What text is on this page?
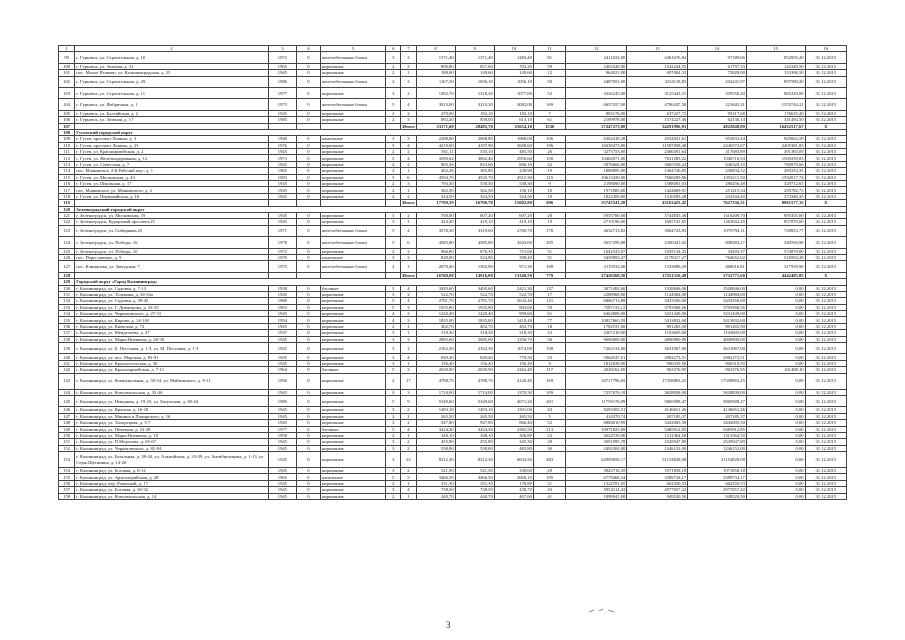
1	2	3	4	5	6	7	8	9	10	11	12	13	14	15	16
99	г. Гурьевск, ул. Строительная, д. 10	1972	0	железобетонные блоки	3	3	1371,40	1371,40	1283,40	81	2411022,00	2461676,84	97189,66	852955,20	31.12.2015
100	г. Гурьевск, ул. Зеленая, д. 31	1965	0	кирпичные	2	3	890,80	857,60	703,20	59	2403340,00	1542244,55	61797,33	142340,50	31.12.2015
101	пос. Малое Исаково, ул. Калининградская, д. 25	1945	0	кирпичные	2	1	188,00	149,60	149,60	12	964021,00	697004,33	75820,00	153306,50	31.12.2015
102	г. Гурьевск, ул. Строительная, д. 29	1986	0	железобетонные блоки	2	3	1167,50	1056,10	1056,10	50	4487951,00	3234118,83	232241,97	897590,20	31.12.2015
103	г. Гурьевск, ул. Строительная, д. 11	1977	0	кирпичные	3	2	1492,70	1318,20	1077,00	52	4326245,00	3125443,31	339550,20	865249,00	31.12.2015
104	г. Гурьевск, ул. Фабричная, д. 1	1973	0	железобетонные блоки	5	4	3913,00	3219,30	3082,00	169	6657357,00	4786247,58	221645,31	1555744,21	31.12.2015
105	г. Гурьевск, ул. Балтийская, д. 2	1945	0	кирпичные	2	2	270,00	182,10	182,10	7	883176,00	637227,72	95317,68	176635,20	31.12.2015
106	г. Гурьевск, ул. Зеленая, д. 17	1985	0	кирпичные	2	3	892,20	858,00	613,10	61	2189978,00	1574227,36	62136,14	341494,50	31.12.2015
107						Итого	33171,60	28485,70	25654,10	1530	57247273,00	54291996,03	4822848,00	16432517,67	X
108	Гусевский городской округ														
109	г. Гусев, проспект Ленина, д. 3	1940	0	панельные	3	3	2288,00	2068,80	1968,00	106	6304418,28	4554941,61	852833,44	945662,59	31.12.2015
110	г. Гусев, проспект Ленина, д. 23	1976	0	кирпичные	5	4	4219,00	4197,90	3608,60	196	16038473,00	11587058,48	2446573,67	2405381,83	31.12.2015
111	г. Гусев, ул. Красноармейская, д. 2	1945	0	кирпичные	2	2	561,11	535,10	485,50	26	3275753,00	2366591,64	417683,89	491383,09	31.12.2015
112	г. Гусев, ул. Железнодорожная, д. 12	1973	0	кирпичные	5	4	3390,64	3062,40	2950,60	150	10462071,00	7631285,22	1546716,94	1569259,83	31.12.2015
113	г. Гусев, ул. Советская, д. 7	1945	0	кирпичные	2	2	905,56	823,60	806,10	42	5076666,00	3665536,24	646320,10	760979,66	31.12.2015
114	пос. Маяковское, 2-й Рабочий пер., д. 1	1965	0	кирпичные	2	1	402,28	385,80	239,90	19	1888895,00	1364726,85	240834,32	283333,35	31.12.2015
115	г. Гусев, ул. Московская, д. 43	1983	0	кирпичные	5	6	4594,70	4535,70	4515,30	115	10613439,00	7668209,86	1353211,50	1592017,74	31.12.2015
116	г. Гусев, ул. Школьная, д. 17	1945	0	кирпичные	2	3	793,30	530,30	530,30	9	2198090,00	1588081,03	280256,48	329712,65	31.12.2015
117	пос. Маяковское, ул. Маяковского, д. 2	1945	0	кирпичные	2	1	362,50	362,50	150,10	10	1971885,00	1424669,91	251415,34	295782,75	31.12.2015
118	г. Гусев, ул. Первомайская, д. 16	1945	0	кирпичные	2	2	324,50	324,50	324,50	19	1822309,00	1316583,28	232344,40	273346,35	31.12.2015
119						Итого	17769,59	16700,70	15602,80	696	55743541,28	43163425,42	7627336,31	8961577,35	X
120	Зеленоградский городской округ														
121	г. Зеленоградск, ул. Московская, 19	1945	0	кирпичные	3	2	700,00	607,20	607,20	20	5955700,00	3744835,30	1316209,70	895355,00	31.12.2015
122	г. Зеленоградск, Курортный проспект,25	1945	0	кирпичные	3	1	424,40	419,10	419,10	19	2719196,00	1695741,65	1263042,45	857879,00	31.12.2015
123	г. Зеленоградск, ул. Сибиряков,25	1971	0	железобетонные блоки	5	4	3570,30	3319,60	2780,70	170	4632713,82	3064723,83	1079794,11	720853,77	31.12.2015
124	г. Зеленоградск, ул. Победы, 16	1978	0	железобетонные блоки	5	6	4585,80	4585,80	4543,00	205	5637299,88	2300441,02	808283,27	340594,98	31.12.2015
125	г. Зеленоградск, ул. Победы, 10	1972	0	кирпичные	2	2	966,80	876,30	751,60	51	1642543,07	1035134,43	34493,37	574879,00	31.12.2015
126	пос. Переславское, д. 9	1970	0	панельные	3	3	828,00	524,80	398,40	51	3439983,27	2178317,27	764652,02	518594,28	31.12.2015
127	пос. Клинцовка, ул. Заводская, 7	1975	0	железобетонные блоки	2	3	2079,40	1382,90	971,30	108	2119533,00	1333086,29	468016,81	317959,96	31.12.2015
128						Итого	16760,00	14916,00	13340,50	779	27426568,50	17251316,49	5732771,60	4442485,85	X
129	Городской округ «Город Калининград»														
130	г. Калининград, ул. Садовая, д. 7-13	1938	0	блочные	5	4	3495,60	3495,60	2421,30	137	3071402,00	1528846,00	1528846,00	0,00	31.12.2015
131	г. Калининград, ул. Тельмана, д. 34-34а	1945	0	кирпичные	3	2	522,70	522,70	522,70	17	2288968,00	1144984,00	1144984,00	0,00	31.12.2015
132	г. Калининград, ул. Садовая, д. 39-45	1980	0	кирпичные	5	4	2781,70	2781,70	2632,40	141	6866713,88	3433356,00	3433356,00	0,00	31.12.2015
133	г. Калининград, ул. Г. Димитрова, д. 33-35	1963	0	кирпичные	5	3	1935,80	1935,80	894,60	59	7587133,12	3793568,56	3793568,56	0,00	31.12.2015
134	г. Калининград, ул. Черняховского, д. 27-31	1945	0	кирпичные	4	3	1220,40	1220,40	999,60	61	6462808,00	3231449,00	3231449,00	0,00	31.12.2015
135	г. Калининград, ул. Кирова, д. 14-14б	1954	0	кирпичные	4	3	1835,00	1835,00	1418,40	77	10827665,59	5413832,60	5413832,60	0,00	31.12.2015
136	г. Калининград, ул. Киевская, д. 72	1945	0	кирпичные	2	1	402,70	402,70	402,70	18	1782531,00	891265,50	891265,50	0,00	31.12.2015
137	г. Калининград, ул. Менделеева, д. 47	1937	0	кирпичные	3	1	318,30	318,30	318,30	23	2207210,00	1103605,00	1103605,00	0,00	31.12.2015
138	г. Калининград, ул. Марш.Новикова, д. 26-30	1945	0	кирпичные	3	3	2085,60	2085,60	1356,70	56	9600000,00	4800000,00	4800000,00	0,00	31.12.2015
139	г. Калининград, ул. Б. Песочная, д. 1-3, ул. М. Песочная, д. 1-3	1945	0	кирпичные	3	2	2162,30	2162,30	1074,00	108	7262134,00	3631067,00	3631067,00	0,00	31.12.2015
140	г. Калининград, ул. пос. Морская, д. 83-91	1945	0	кирпичные	3	4	849,40	849,40	770,50	53	5964547,01	2982273,51	2982273,51	0,00	31.12.2015
141	г. Калининград, ул. Красносельская, д. 30	1945	0	кирпичные	3	1	156,40	156,40	156,40	9	1812639,00	906319,50	906319,50	0,00	31.12.2015
142	г. Калининград, ул. Красноармейская, д. 7-11	1964	0	блочные	5	3	2639,90	2639,90	2262,40	117	2028162,00	963376,95	963376,95	101408,10	31.12.2015
143	г. Калининград, ул. Коммунальная, д. 50-54, ул. Майковского, д. 9-11	1956	0	кирпичные	2	17	4788,70	4788,70	4126,40	169	34717796,65	17358863,25	17358863,25	0,00	31.12.2015
144	г. Калининград, ул. Комсомольская, д. 32-36	1945	0	кирпичные	4	3	1714,00	1714,00	1370,50	109	7257676,18	3628838,00	3628838,00	0,00	31.12.2015
145	г. Калининград, ул. Невидная, д. 19-23, ул. Батумская, д. 38-44	1980	0	кирпичные	5	9	5349,60	5349,60	4671,20	201	11759176,99	5869588,47	5869588,47	0,00	31.12.2015
146	г. Калининград, ул. Краснаа, д. 16-18	1945	0	кирпичные	3	2	1493,10	1493,10	1301,00	43	8293302,51	4146651,26	4146651,26	0,00	31.12.2015
147	г. Калининград, ул. Минина и Пожарского, д. 16	1945	0	кирпичные	2	1	265,50	265,50	265,50	5	414370,74	207185,37	207185,37	0,00	31.12.2015
148	г. Калининград, ул. Тихорецкая, д. 5-7	1945	0	кирпичные	3	2	947,80	947,80	866,40	52	6884010,99	3442005,50	3442005,50	0,00	31.12.2015
149	г. Калининград, ул. Печатная, д. 23-28	1977	0	блочные	5	4	3424,30	3424,30	2382,50	213	10971825,69	5485912,85	5485912,85	0,00	31.12.2015
150	г. Калининград, ул. Марш.Новикова, д. 10	1958	0	кирпичные	2	1	348,10	348,10	306,80	22	2624729,00	1312364,50	1312364,50	0,00	31.12.2015
151	г. Калининград, ул. П.Морозова, д. 65-67	1945	0	кирпичные	3	2	455,80	455,80	345,30	20	3091095,78	2545947,89	2545947,89	0,00	31.12.2015
152	г. Калининград, ул. Черниговского, д. 82-84	1945	0	кирпичные	3	2	538,80	538,80	483,80	30	2492304,00	1246152,00	1246152,00	0,00	31.12.2015
153	г. Калининград, ул. Батальная, д. 38-44, ул. Альпийская, д. 33-39, ул. Антибиотикова, д. 1-13, ул. Серж.Щетинина, д. 14-26	1945	0	кирпичные	3	22	8312,30	8312,30	6633,50	483	62909856,17	31154828,08	31154828,08	0,00	31.12.2015
154	г. Калининград, ул. Ботаная, д. 8-12	1945	0	кирпичные	3	2	521,50	521,50	339,60	29	3943716,35	1971858,18	1971858,18	0,00	31.12.2015
155	г. Калининград, ул. Артиллерийская, д. 28	1965	0	панельные	5	5	3466,50	3466,50	2669,10	195	6779468,34	3389734,17	3389734,17	0,00	31.12.2015
156	г. Калининград, пер. Ракитный, д. 17	1945	0	кирпичные	2	1	331,30	331,30	178,80	21	1324701,05	662350,53	662350,53	0,00	31.12.2015
157	г. Калининград, ул. Ботаная, д. 26-32	1945	0	кирпичные	3	4	738,50	738,50	438,70	43	5954114,43	2977057,22	2977057,22	0,00	31.12.2015
158	г. Калининград, ул. Комсомольская, д. 14	1945	0	кирпичные	2	1	440,70	440,70	407,60	41	1899041,00	949520,50	949520,50	0,00	31.12.2015
3
